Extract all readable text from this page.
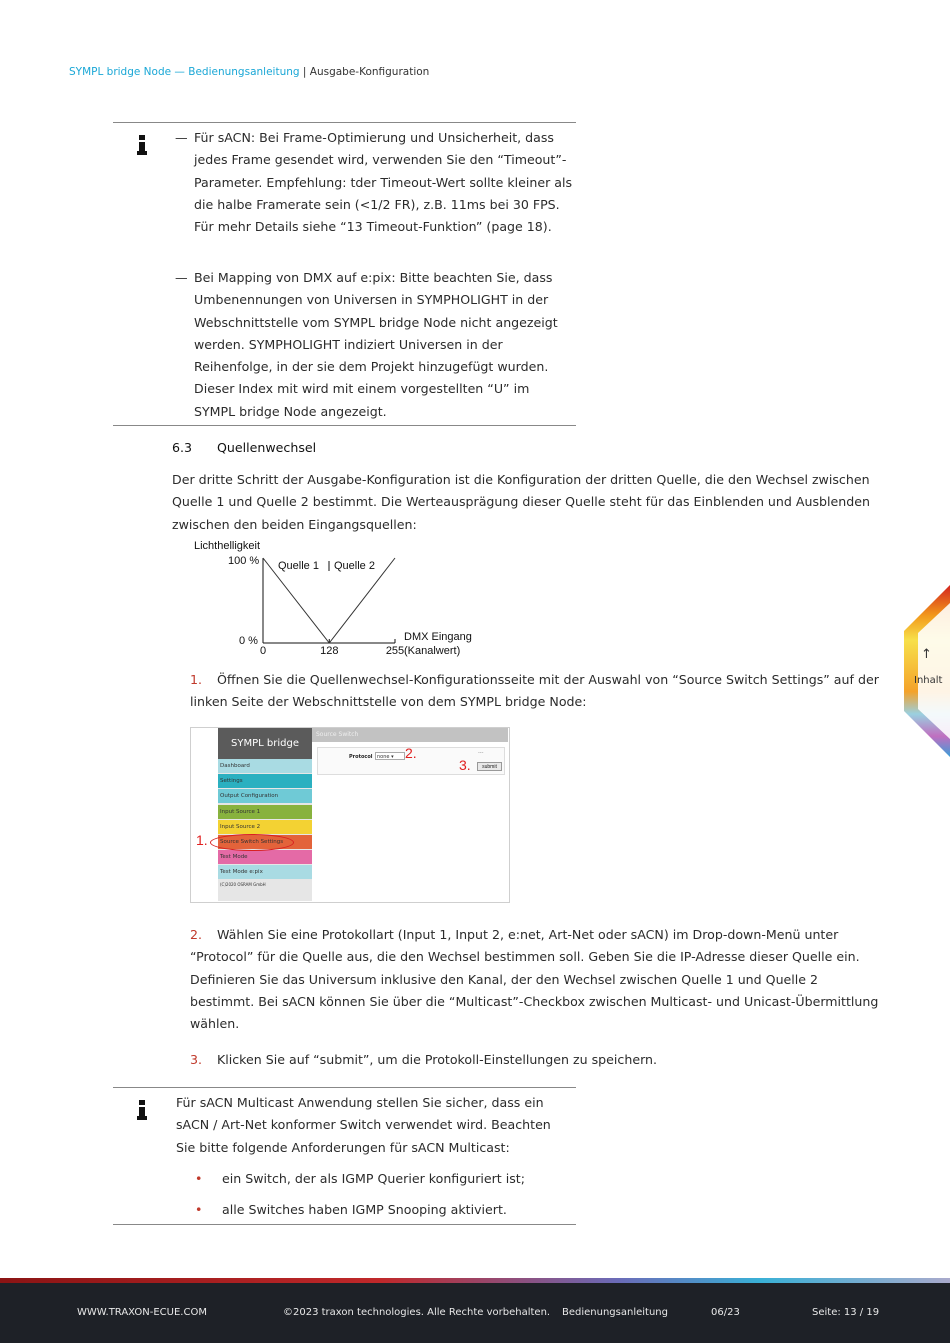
SYMPL bridge Node — Bedienungsanleitung | Ausgabe-Konfiguration
— Für sACN: Bei Frame-Optimierung und Unsicherheit, dass jedes Frame gesendet wird, verwenden Sie den “Timeout”-Parameter. Empfehlung: tder Timeout-Wert sollte kleiner als die halbe Framerate sein (<1/2 FR), z.B. 11ms bei 30 FPS. Für mehr Details siehe “13 Timeout-Funktion” (page 18).
— Bei Mapping von DMX auf e:pix: Bitte beachten Sie, dass Umbenennungen von Universen in SYMPHOLIGHT in der Webschnittstelle vom SYMPL bridge Node nicht angezeigt werden. SYMPHOLIGHT indiziert Universen in der Reihenfolge, in der sie dem Projekt hinzugefügt wurden. Dieser Index mit wird mit einem vorgestellten “U” im SYMPL bridge Node angezeigt.
6.3 Quellenwechsel
Der dritte Schritt der Ausgabe-Konfiguration ist die Konfiguration der dritten Quelle, die den Wechsel zwischen Quelle 1 und Quelle 2 bestimmt. Die Werteausprägung dieser Quelle steht für das Einblenden und Ausblenden zwischen den beiden Eingangsquellen:
Lichthelligkeit
100 %
0 %
0	128	255
Quelle 1 Quelle 2
DMX Eingang
(Kanalwert)
1.	Öffnen Sie die Quellenwechsel-Konfigurationsseite mit der Auswahl von “Source Switch Settings” auf der linken Seite der Webschnittstelle von dem SYMPL bridge Node:
SYMPL bridge
Dashboard
Settings
Output Configuration
Input Source 1
Input Source 2
Source Switch Settings
Test Mode
Test Mode e:pix
(C)2020 OSRAM GmbH
Source Switch
Protocol none ▾
---
submit
1.
2.
3.
2.	Wählen Sie eine Protokollart (Input 1, Input 2, e:net, Art-Net oder sACN) im Drop-down-Menü unter “Protocol” für die Quelle aus, die den Wechsel bestimmen soll. Geben Sie die IP-Adresse dieser Quelle ein. Definieren Sie das Universum inklusive den Kanal, der den Wechsel zwischen Quelle 1 und Quelle 2 bestimmt. Bei sACN können Sie über die “Multicast”-Checkbox zwischen Multicast- und Unicast-Übermittlung wählen.
3.	Klicken Sie auf “submit”, um die Protokoll-Einstellungen zu speichern.
Für sACN Multicast Anwendung stellen Sie sicher, dass ein sACN / Art-Net konformer Switch verwendet wird. Beachten Sie bitte folgende Anforderungen für sACN Multicast:
• ein Switch, der als IGMP Querier konfiguriert ist;
• alle Switches haben IGMP Snooping aktiviert.
↑
Inhalt
WWW.TRAXON-ECUE.COM	©2023 traxon technologies. Alle Rechte vorbehalten. Bedienungsanleitung	06/23	Seite: 13 / 19
